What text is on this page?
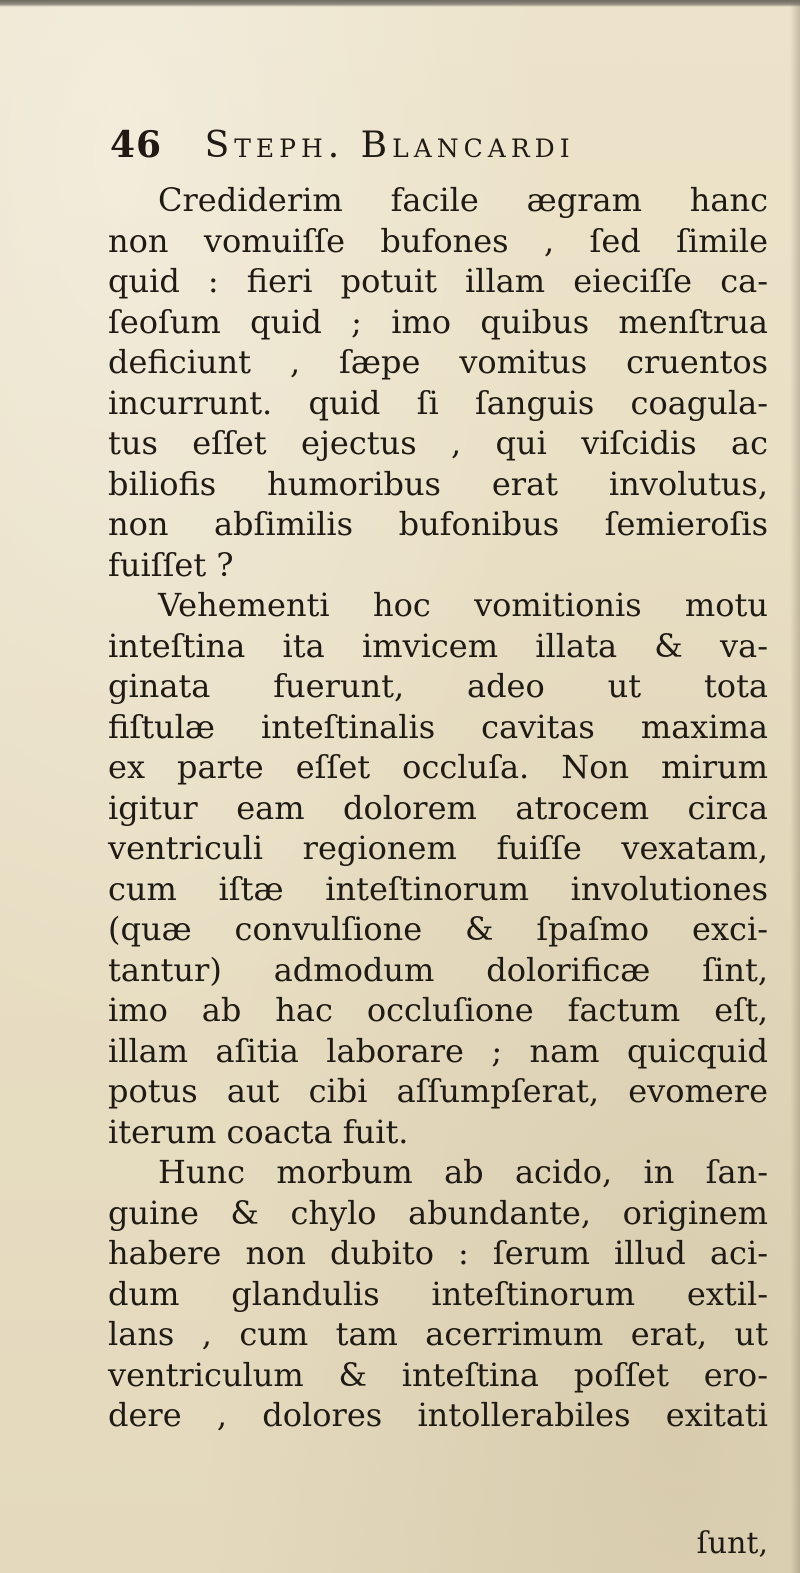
46 Steph. Blancardi
Crediderim facile ægram hanc
non vomuiſſe bufones , ſed ſimile
quid : fieri potuit illam eieciſſe ca-
ſeoſum quid ; imo quibus menſtrua
deficiunt , ſæpe vomitus cruentos
incurrunt. quid ſi ſanguis coagula-
tus eſſet ejectus , qui viſcidis ac
biliofis humoribus erat involutus,
non abſimilis bufonibus ſemieroſis
fuiſſet ?
Vehementi hoc vomitionis motu
inteſtina ita imvicem illata & va-
ginata fuerunt, adeo ut tota
fiſtulæ inteſtinalis cavitas maxima
ex parte eſſet occluſa. Non mirum
igitur eam dolorem atrocem circa
ventriculi regionem fuiſſe vexatam,
cum iſtæ inteſtinorum involutiones
(quæ convulſione & ſpaſmo exci-
tantur) admodum dolorificæ ſint,
imo ab hac occluſione factum eſt,
illam aſitia laborare ; nam quicquid
potus aut cibi aſſumpſerat, evomere
iterum coacta fuit.
Hunc morbum ab acido, in ſan-
guine & chylo abundante, originem
habere non dubito : ſerum illud aci-
dum glandulis inteſtinorum extil-
lans , cum tam acerrimum erat, ut
ventriculum & inteſtina poſſet ero-
dere , dolores intollerabiles exitati
ſunt,
